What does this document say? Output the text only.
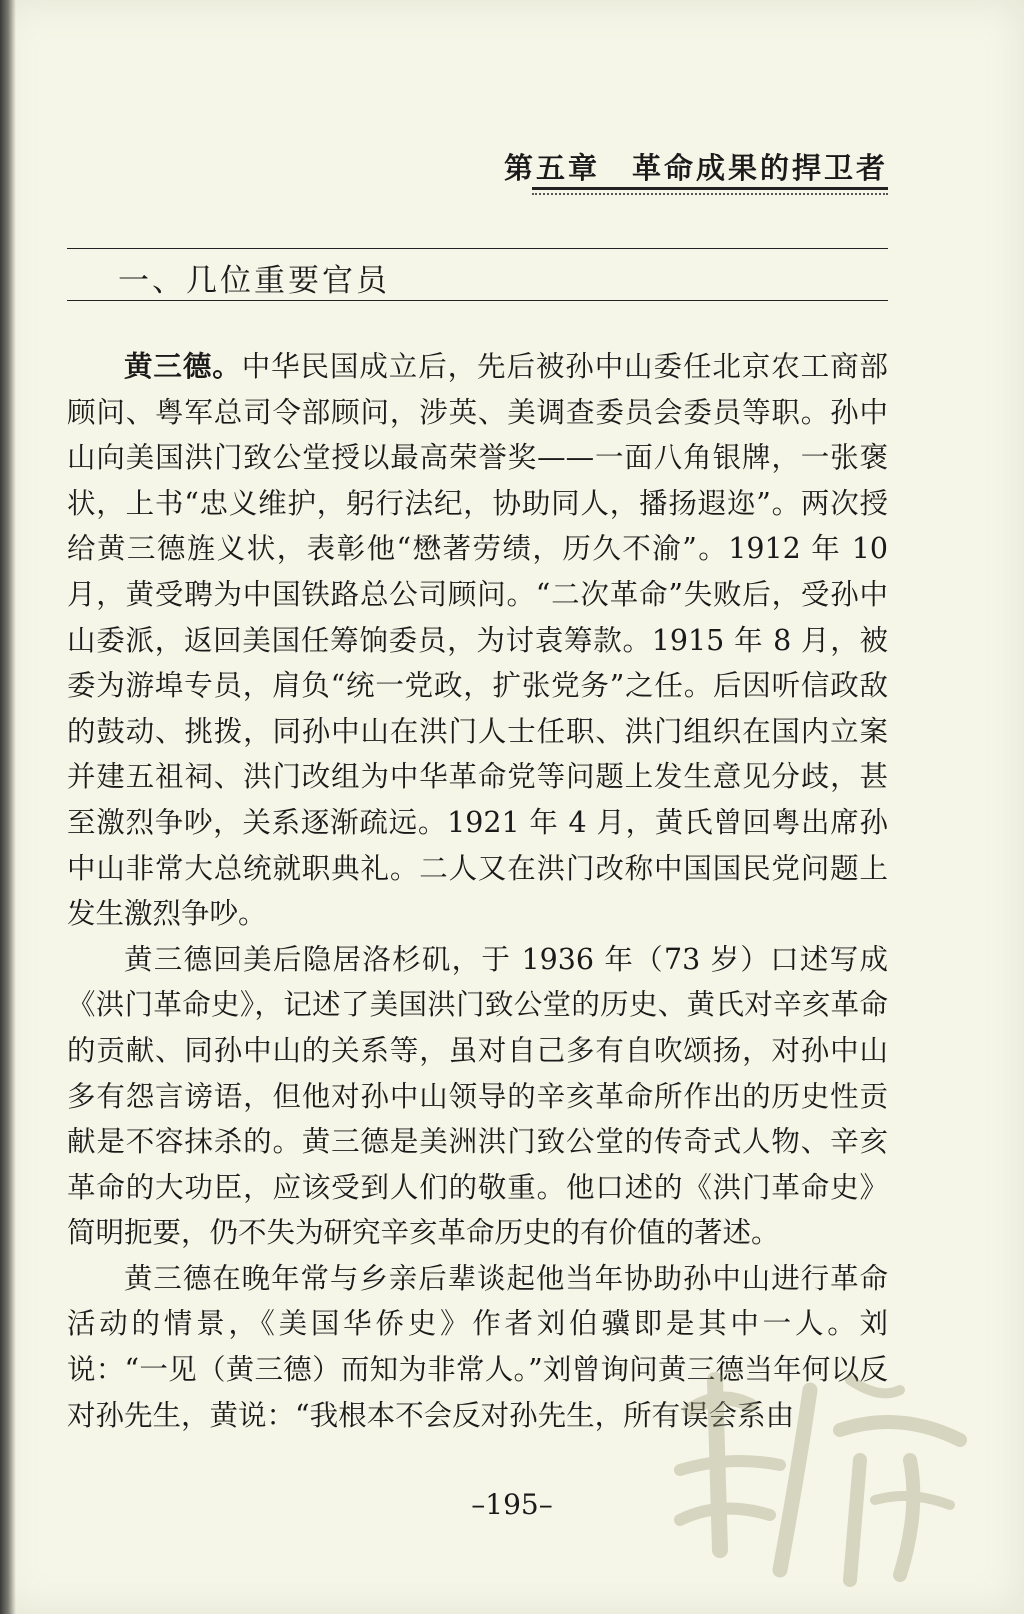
第五章　革命成果的捍卫者
一、几位重要官员

黄三德。中华民国成立后，先后被孙中山委任北京农工商部顾问、粤军总司令部顾问，涉英、美调查委员会委员等职。孙中山向美国洪门致公堂授以最高荣誉奖——一面八角银牌，一张褒状，上书“忠义维护，躬行法纪，协助同人，播扬遐迩”。两次授给黄三德旌义状，表彰他“懋著劳绩，历久不渝”。1912 年 10 月，黄受聘为中国铁路总公司顾问。“二次革命”失败后，受孙中山委派，返回美国任筹饷委员，为讨袁筹款。1915 年 8 月，被委为游埠专员，肩负“统一党政，扩张党务”之任。后因听信政敌的鼓动、挑拨，同孙中山在洪门人士任职、洪门组织在国内立案并建五祖祠、洪门改组为中华革命党等问题上发生意见分歧，甚至激烈争吵，关系逐渐疏远。1921 年 4 月，黄氏曾回粤出席孙中山非常大总统就职典礼。二人又在洪门改称中国国民党问题上发生激烈争吵。

黄三德回美后隐居洛杉矶，于 1936 年（73 岁）口述写成《洪门革命史》，记述了美国洪门致公堂的历史、黄氏对辛亥革命的贡献、同孙中山的关系等，虽对自己多有自吹颂扬，对孙中山多有怨言谤语，但他对孙中山领导的辛亥革命所作出的历史性贡献是不容抹杀的。黄三德是美洲洪门致公堂的传奇式人物、辛亥革命的大功臣，应该受到人们的敬重。他口述的《洪门革命史》简明扼要，仍不失为研究辛亥革命历史的有价值的著述。

黄三德在晚年常与乡亲后辈谈起他当年协助孙中山进行革命活动的情景，《美国华侨史》作者刘伯骥即是其中一人。刘说：“一见（黄三德）而知为非常人。”刘曾询问黄三德当年何以反对孙先生，黄说：“我根本不会反对孙先生，所有误会系由

–195–
